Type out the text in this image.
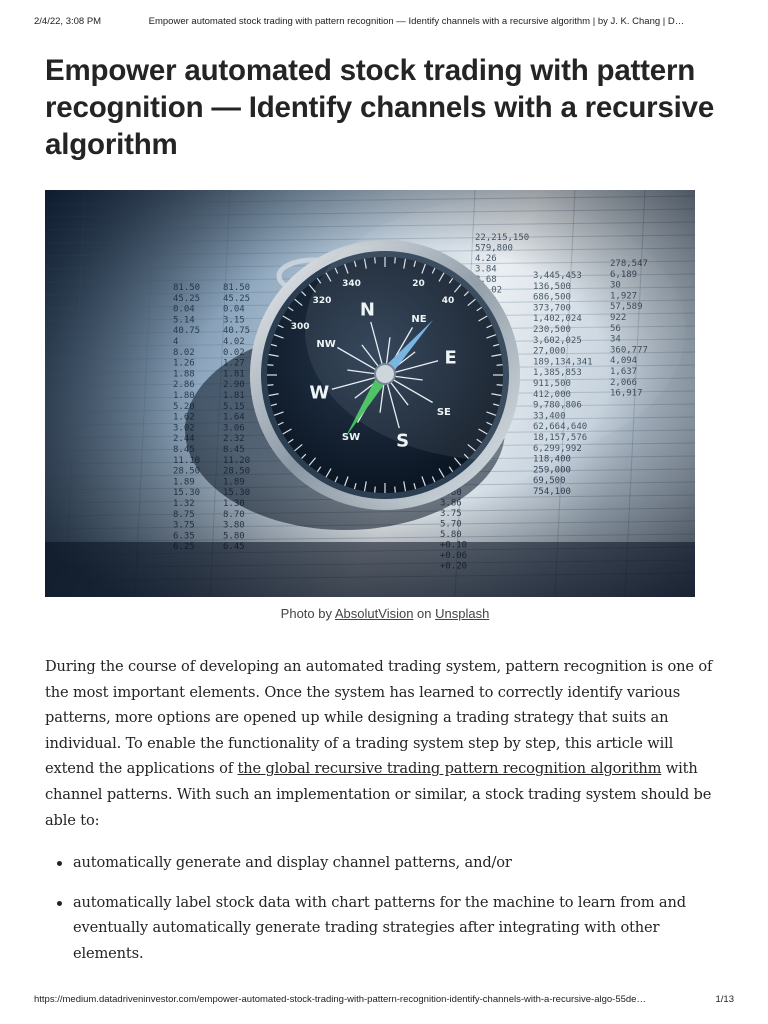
2/4/22, 3:08 PM	Empower automated stock trading with pattern recognition — Identify channels with a recursive algorithm | by J. K. Chang | D…
Empower automated stock trading with pattern recognition — Identify channels with a recursive algorithm
Photo by AbsolutVision on Unsplash

During the course of developing an automated trading system, pattern recognition is one of the most important elements. Once the system has learned to correctly identify various patterns, more options are opened up while designing a trading strategy that suits an individual. To enable the functionality of a trading system step by step, this article will extend the applications of the global recursive trading pattern recognition algorithm with channel patterns. With such an implementation or similar, a stock trading system should be able to:

automatically generate and display channel patterns, and/or
automatically label stock data with chart patterns for the machine to learn from and eventually automatically generate trading strategies after integrating with other elements.
https://medium.datadriveninvestor.com/empower-automated-stock-trading-with-pattern-recognition-identify-channels-with-a-recursive-algo-55de…	1/13
